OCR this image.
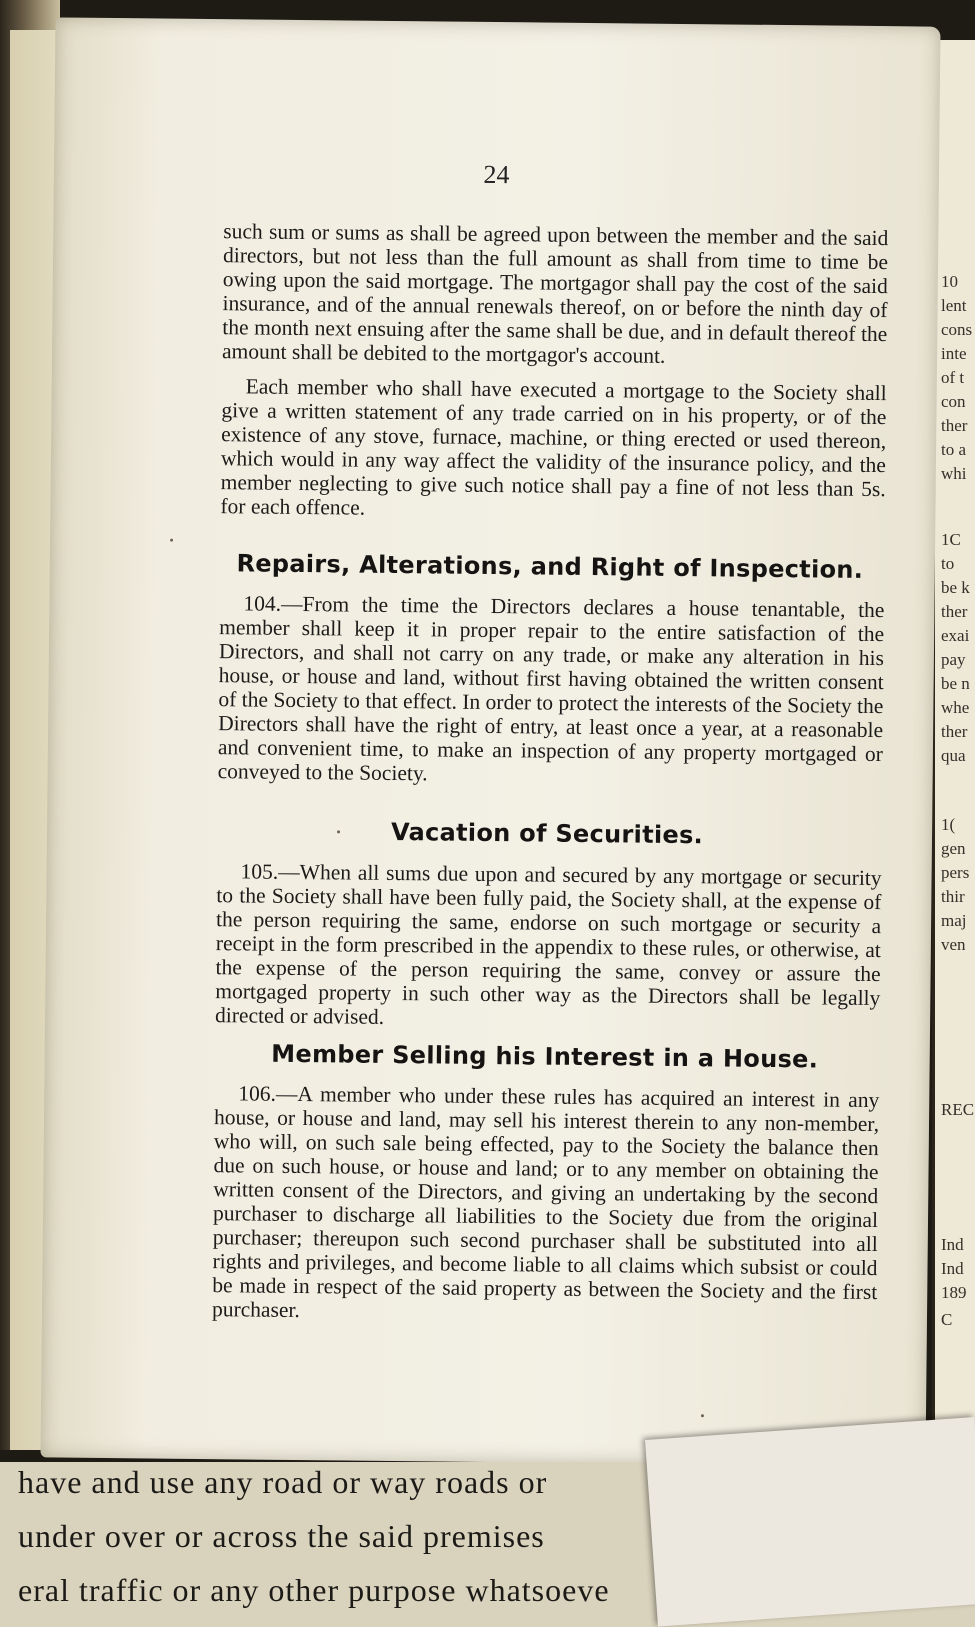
10
lent
cons
inte
of t
con
ther
to a
whi
1C
to
be k
ther
exai
pay
be n
whe
ther
qua
1(
gen
pers
thir
maj
ven
REC
Ind
Ind
189
C
24

such sum or sums as shall be agreed upon between the member and the said directors, but not less than the full amount as shall from time to time be owing upon the said mortgage. The mortgagor shall pay the cost of the said insurance, and of the annual renewals thereof, on or before the ninth day of the month next ensuing after the same shall be due, and in default thereof the amount shall be debited to the mortgagor's account.

Each member who shall have executed a mortgage to the Society shall give a written statement of any trade carried on in his property, or of the existence of any stove, furnace, machine, or thing erected or used thereon, which would in any way affect the validity of the insurance policy, and the member neglecting to give such notice shall pay a fine of not less than 5s. for each offence.

Repairs, Alterations, and Right of Inspection.

104.—From the time the Directors declares a house tenantable, the member shall keep it in proper repair to the entire satisfaction of the Directors, and shall not carry on any trade, or make any alteration in his house, or house and land, without first having obtained the written consent of the Society to that effect. In order to protect the interests of the Society the Directors shall have the right of entry, at least once a year, at a reasonable and convenient time, to make an inspection of any property mortgaged or conveyed to the Society.

Vacation of Securities.

105.—When all sums due upon and secured by any mortgage or security to the Society shall have been fully paid, the Society shall, at the expense of the person requiring the same, endorse on such mortgage or security a receipt in the form prescribed in the appendix to these rules, or otherwise, at the expense of the person requiring the same, convey or assure the mortgaged property in such other way as the Directors shall be legally directed or advised.

Member Selling his Interest in a House.

106.—A member who under these rules has acquired an interest in any house, or house and land, may sell his interest therein to any non-member, who will, on such sale being effected, pay to the Society the balance then due on such house, or house and land; or to any member on obtaining the written consent of the Directors, and giving an undertaking by the second purchaser to discharge all liabilities to the Society due from the original purchaser; thereupon such second purchaser shall be substituted into all rights and privileges, and become liable to all claims which subsist or could be made in respect of the said property as between the Society and the first purchaser.

have and use any road or way roads or
under over or across the said premises
eral traffic or any other purpose whatsoeve
